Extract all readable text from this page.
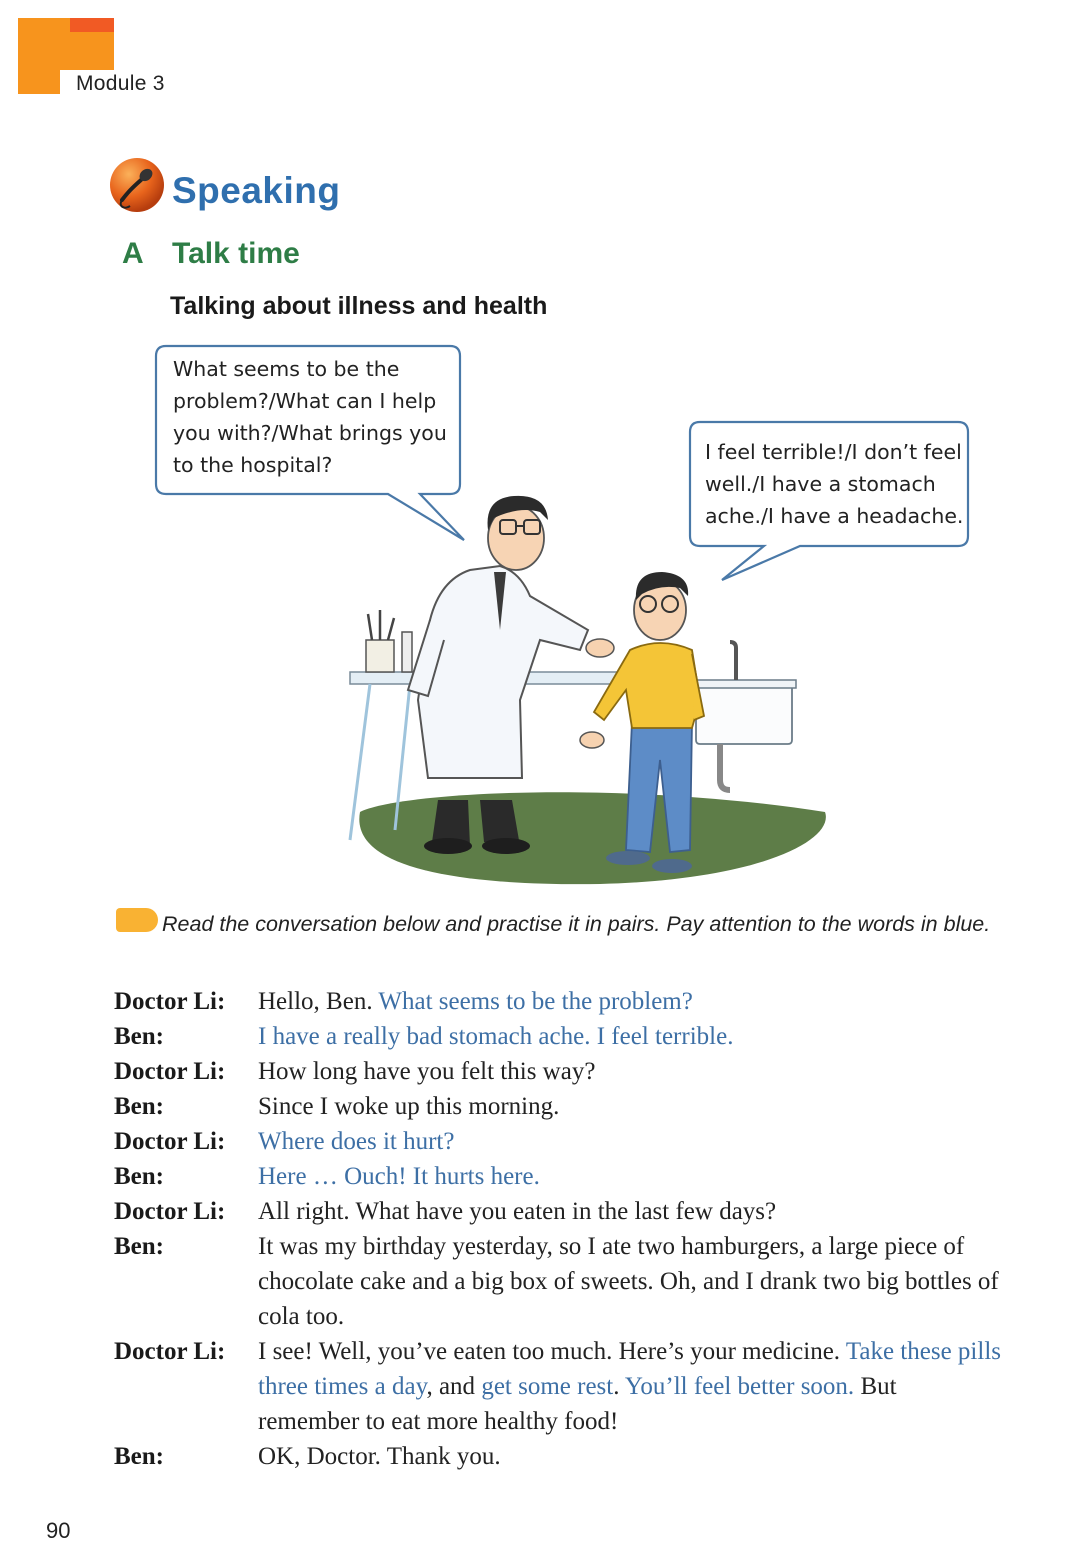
Module 3
Speaking
A Talk time
Talking about illness and health
What seems to be the problem?/What can I help you with?/What brings you to the hospital?
I feel terrible!/I don’t feel well./I have a stomach ache./I have a headache.
Read the conversation below and practise it in pairs. Pay attention to the words in blue.
Doctor Li:	Hello, Ben. What seems to be the problem?
Ben:	I have a really bad stomach ache. I feel terrible.
Doctor Li:	How long have you felt this way?
Ben:	Since I woke up this morning.
Doctor Li:	Where does it hurt?
Ben:	Here … Ouch! It hurts here.
Doctor Li:	All right. What have you eaten in the last few days?
Ben:	It was my birthday yesterday, so I ate two hamburgers, a large piece of chocolate cake and a big box of sweets. Oh, and I drank two big bottles of cola too.
Doctor Li:	I see! Well, you’ve eaten too much. Here’s your medicine. Take these pills three times a day, and get some rest. You’ll feel better soon. But remember to eat more healthy food!
Ben:	OK, Doctor. Thank you.
90
